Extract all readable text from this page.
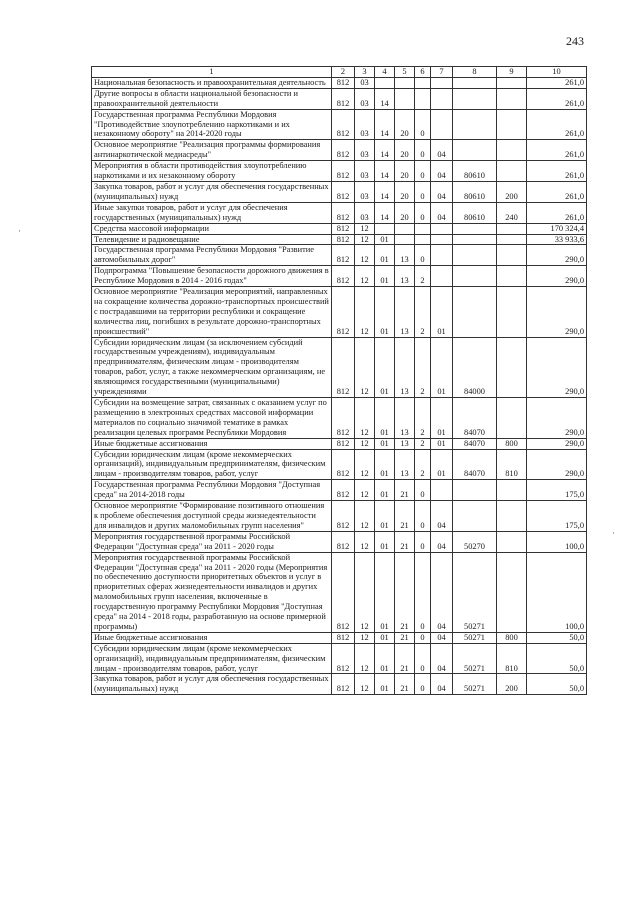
243
·
·
1	2	3	4	5	6	7	8	9	10
Национальная безопасность и правоохранительная деятельность	812	03							261,0
Другие вопросы в области национальной безопасности и правоохранительной деятельности	812	03	14						261,0
Государственная программа Республики Мордовия "Противодействие злоупотреблению наркотиками и их незаконному обороту" на 2014-2020 годы	812	03	14	20	0				261,0
Основное мероприятие "Реализация программы формирования антинаркотической медиасреды"	812	03	14	20	0	04			261,0
Мероприятия в области противодействия злоупотреблению наркотиками и их незаконному обороту	812	03	14	20	0	04	80610		261,0
Закупка товаров, работ и услуг для обеспечения государственных (муниципальных) нужд	812	03	14	20	0	04	80610	200	261,0
Иные закупки товаров, работ и услуг для обеспечения государственных (муниципальных) нужд	812	03	14	20	0	04	80610	240	261,0
Средства массовой информации	812	12							170 324,4
Телевидение и радиовещание	812	12	01						33 933,6
Государственная программа Республики Мордовия "Развитие автомобильных дорог"	812	12	01	13	0				290,0
Подпрограмма "Повышение безопасности дорожного движения в Республике Мордовия в 2014 - 2016 годах"	812	12	01	13	2				290,0
Основное мероприятие "Реализация мероприятий, направленных на сокращение количества дорожно-транспортных происшествий с пострадавшими на территории республики и сокращение количества лиц, погибших в результате дорожно-транспортных происшествий"	812	12	01	13	2	01			290,0
Субсидии юридическим лицам (за исключением субсидий государственным учреждениям), индивидуальным предпринимателям, физическим лицам - производителям товаров, работ, услуг, а также некоммерческим организациям, не являющимся государственными (муниципальными) учреждениями	812	12	01	13	2	01	84000		290,0
Субсидии на возмещение затрат, связанных с оказанием услуг по размещению в электронных средствах массовой информации материалов по социально значимой тематике в рамках реализации целевых программ Республики Мордовия	812	12	01	13	2	01	84070		290,0
Иные бюджетные ассигнования	812	12	01	13	2	01	84070	800	290,0
Субсидии юридическим лицам (кроме некоммерческих организаций), индивидуальным предпринимателям, физическим лицам - производителям товаров, работ, услуг	812	12	01	13	2	01	84070	810	290,0
Государственная программа Республики Мордовия "Доступная среда" на 2014-2018 годы	812	12	01	21	0				175,0
Основное мероприятие "Формирование позитивного отношения к проблеме обеспечения доступной среды жизнедеятельности для инвалидов и других маломобильных групп населения"	812	12	01	21	0	04			175,0
Мероприятия государственной программы Российской Федерации "Доступная среда" на 2011 - 2020 годы	812	12	01	21	0	04	50270		100,0
Мероприятия государственной программы Российской Федерации "Доступная среда" на 2011 - 2020 годы (Мероприятия по обеспечению доступности приоритетных объектов и услуг в приоритетных сферах жизнедеятельности инвалидов и других маломобильных групп населения, включенные в государственную программу Республики Мордовия "Доступная среда" на 2014 - 2018 годы, разработанную на основе примерной программы)	812	12	01	21	0	04	50271		100,0
Иные бюджетные ассигнования	812	12	01	21	0	04	50271	800	50,0
Субсидии юридическим лицам (кроме некоммерческих организаций), индивидуальным предпринимателям, физическим лицам - производителям товаров, работ, услуг	812	12	01	21	0	04	50271	810	50,0
Закупка товаров, работ и услуг для обеспечения государственных (муниципальных) нужд	812	12	01	21	0	04	50271	200	50,0
